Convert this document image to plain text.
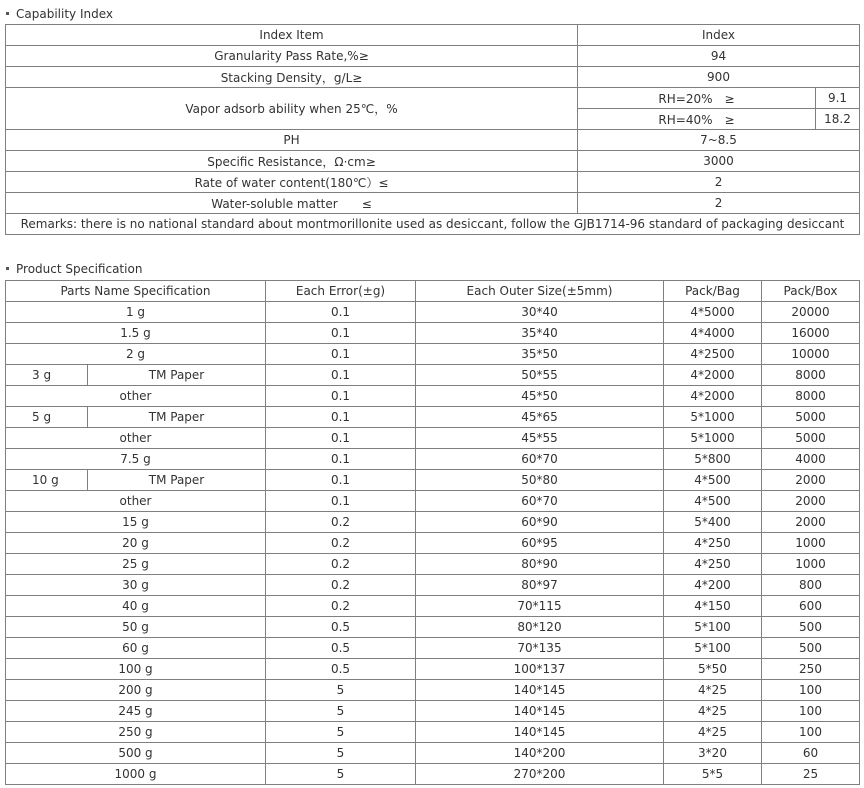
Capability Index
Index Item	Index	
Granularity Pass Rate,%≥	94	
Stacking Density，g/L≥	900	
Vapor adsorb ability when 25℃，%	RH=20%　≥	9.1
	RH=40%　≥	18.2
PH	7~8.5	
Specific Resistance，Ω·cm≥	3000	
Rate of water content(180℃）≤	2	
Water-soluble matter　　≤	2	
Remarks: there is no national standard about montmorillonite used as desiccant, follow the GJB1714-96 standard of packaging desiccant		
Product Specification
Parts Name Specification		Each Error(±g)	Each Outer Size(±5mm)	Pack/Bag	Pack/Box
1 g		0.1	30*40	4*5000	20000
1.5 g		0.1	35*40	4*4000	16000
2 g		0.1	35*50	4*2500	10000
3 g	TM Paper	0.1	50*55	4*2000	8000
other		0.1	45*50	4*2000	8000
5 g	TM Paper	0.1	45*65	5*1000	5000
other		0.1	45*55	5*1000	5000
7.5 g		0.1	60*70	5*800	4000
10 g	TM Paper	0.1	50*80	4*500	2000
other		0.1	60*70	4*500	2000
15 g		0.2	60*90	5*400	2000
20 g		0.2	60*95	4*250	1000
25 g		0.2	80*90	4*250	1000
30 g		0.2	80*97	4*200	800
40 g		0.2	70*115	4*150	600
50 g		0.5	80*120	5*100	500
60 g		0.5	70*135	5*100	500
100 g		0.5	100*137	5*50	250
200 g		5	140*145	4*25	100
245 g		5	140*145	4*25	100
250 g		5	140*145	4*25	100
500 g		5	140*200	3*20	60
1000 g		5	270*200	5*5	25
